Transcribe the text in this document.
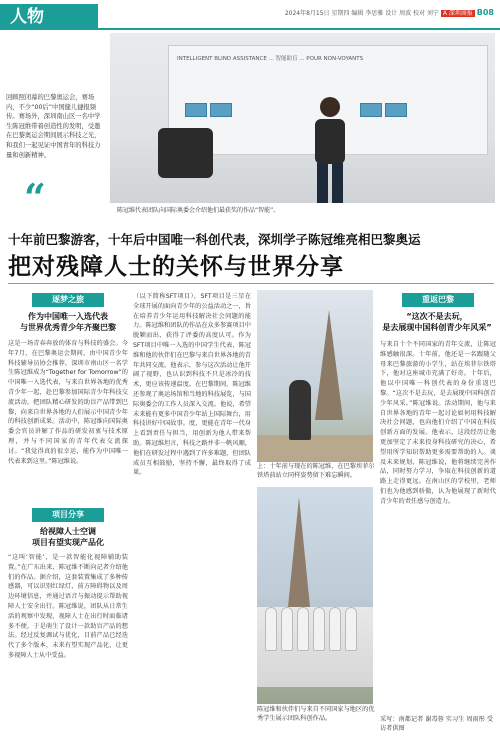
人物	2024年8月15日 星期四 编辑 李思雅 设计 周波 校对 刘宁 A 深圳商报 B08
回顾照闭幕的巴黎奥运会，赛场内，不少“00后”中国健儿捷报频传。赛场外，深圳南山区一名中学生陈冠维带着创造性的发明，受邀在巴黎奥运会期间展示科技之光，和我们一起见证中国青年的科技力量和创新精神。
“
INTELLIGENT BLIND ASSISTANCE ... 智能助盲 ... POUR NON-VOYANTS
陈冠维代表团队向国际奥委会介绍他们最获奖的作品“智能”。
十年前巴黎游客，十年后中国唯一科创代表，深圳学子陈冠维亮相巴黎奥运
把对残障人士的关怀与世界分享
逐梦之旅
作为中国唯一入选代表
与世界优秀青少年齐聚巴黎
这是一场青春奔放的体育与科技的盛会。今年7月，在巴黎奥运会期间，由中国青少年科技辅导员协会推荐，深圳市南山区一名学生陈冠维成为“Together for Tomorrow”的中国唯一入选代表，与来自世界各地的优秀青少年一起，赴巴黎参加国际青少年科技交流活动，把团队精心研发的助盲产品带到巴黎，向来自世界各地的人们展示中国青少年的科技创新成果。活动中，陈冠维向国际奥委会官员讲解了作品的研发初衷与技术原理，并与不同国家的青年代表交流探讨。“我觉得真的很幸运，能作为中国唯一代表来到这里。”陈冠维说。
项目分享
给视障人士空调
项目有望实现产品化
“这叫‘智能’，是一款智能化视障辅助装置。”在广东出来，陈冠维不断向记者介绍他们的作品。据介绍，这套装置集成了多种传感器，可以识别红绿灯、前方障碍物以及周边环境信息，并通过语音与振动提示帮助视障人士安全出行。陈冠维说，团队从日常生活的观察中发现，视障人士在出行时面临诸多不便，于是萌生了设计一款助盲产品的想法。经过反复调试与优化，目前产品已经迭代了多个版本，未来有望实现产品化，让更多视障人士从中受益。
（以下简称SFT项目），SFT项目是三星在全球开展的面向青少年的公益活动之一，旨在培养青少年运用科技解决社会问题的能力。陈冠维和团队的作品在众多参赛项目中脱颖而出，获得了评委的高度认可。作为SFT项目中唯一入选的中国学生代表，陈冠维和他的伙伴们在巴黎与来自世界各地的青年共同交流。他表示，参与这次活动让他开阔了视野，也认识到科技不只是冰冷的技术，更应该传递温度。在巴黎期间，陈冠维还参观了奥运场馆和当地的科技展览，与国际奥委会的工作人员深入交流。他说，希望未来能有更多中国青少年站上国际舞台，用科技讲好中国故事。度，更能在青年一代身上看到责任与担当，用创新为他人带来帮助。陈冠维坦言，科技之路并非一帆风顺，他们在研发过程中遇到了许多难题，但团队成员互相鼓励，坚持不懈，最终取得了成果。
上：十年前与现在的陈冠维，在巴黎埃菲尔铁塔前站立同样姿势留下难忘瞬间。
陈冠维和伙伴们与来自不同国家与地区的优秀学生展示团队科创作品。
重返巴黎
“这次不是去玩，
是去展现中国科创青少年风采”
与来自十个不同国家的青年交流，让陈冠维感触很深。十年前，他还是一名跟随父母来巴黎旅游的小学生，站在埃菲尔铁塔下，他对这座城市充满了好奇。十年后，他以中国唯一科创代表的身份重返巴黎。“这次不是去玩，是去展现中国科创青少年风采。”陈冠维说。活动期间，他与来自世界各地的青年一起讨论如何用科技解决社会问题，也向他们介绍了中国在科技创新方面的发展。他表示，这段经历让他更加坚定了未来投身科技研究的决心，希望用所学知识帮助更多需要帮助的人。谈及未来规划，陈冠维说，他将继续完善作品，同时努力学习，争取在科技创新的道路上走得更远。在南山区的学校里，老师们也为他感到骄傲，认为他展现了新时代青少年的责任感与创造力。
采写：南都记者 谢毒蓉 实习生 周雨彤 受访者供图
